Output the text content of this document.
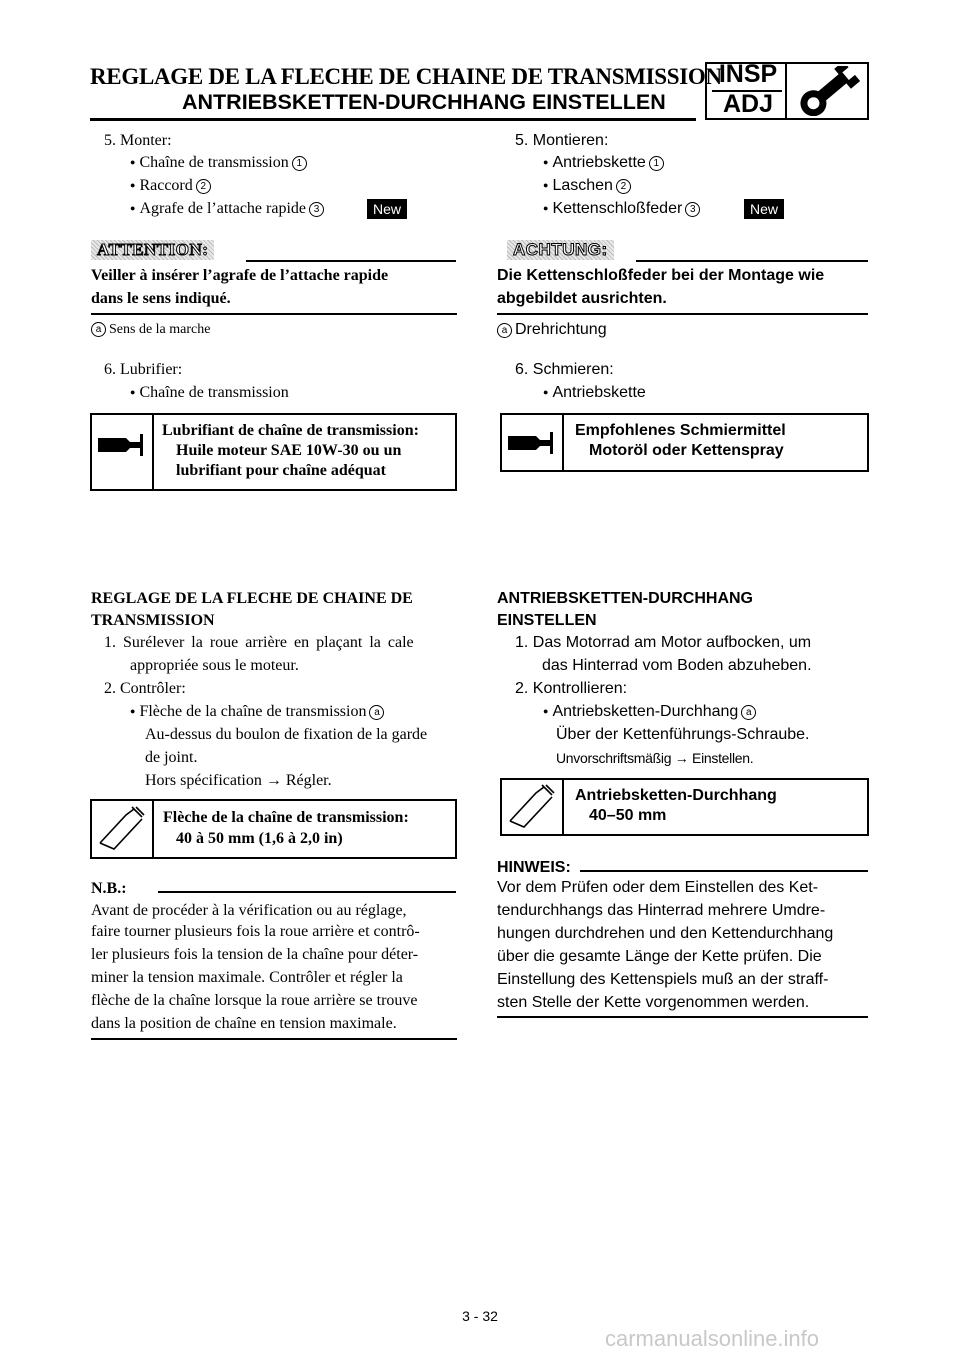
REGLAGE DE LA FLECHE DE CHAINE DE TRANSMISSION
ANTRIEBSKETTEN-DURCHHANG EINSTELLEN
INSP
ADJ
5. Monter:
● Chaîne de transmission 1
● Raccord 2
● Agrafe de l’attache rapide 3	New
ATTENTION:
Veiller à insérer l’agrafe de l’attache rapide
dans le sens indiqué.
a Sens de la marche
6. Lubrifier:
● Chaîne de transmission
Lubrifiant de chaîne de transmission:
Huile moteur SAE 10W-30 ou un
lubrifiant pour chaîne adéquat
REGLAGE DE LA FLECHE DE CHAINE DE
TRANSMISSION
1. Surélever la roue arrière en plaçant la cale
appropriée sous le moteur.
2. Contrôler:
● Flèche de la chaîne de transmission a
Au-dessus du boulon de fixation de la garde
de joint.
Hors spécification → Régler.
Flèche de la chaîne de transmission:
40 à 50 mm (1,6 à 2,0 in)
N.B.:
Avant de procéder à la vérification ou au réglage,
faire tourner plusieurs fois la roue arrière et contrô-
ler plusieurs fois la tension de la chaîne pour déter-
miner la tension maximale. Contrôler et régler la
flèche de la chaîne lorsque la roue arrière se trouve
dans la position de chaîne en tension maximale.
5. Montieren:
● Antriebskette 1
● Laschen 2
● Kettenschloßfeder 3	New
ACHTUNG:
Die Kettenschloßfeder bei der Montage wie
abgebildet ausrichten.
a Drehrichtung
6. Schmieren:
● Antriebskette
Empfohlenes Schmiermittel
Motoröl oder Kettenspray
ANTRIEBSKETTEN-DURCHHANG
EINSTELLEN
1. Das Motorrad am Motor aufbocken, um
das Hinterrad vom Boden abzuheben.
2. Kontrollieren:
● Antriebsketten-Durchhang a
Über der Kettenführungs-Schraube.
Unvorschriftsmäßig → Einstellen.
Antriebsketten-Durchhang
40–50 mm
HINWEIS:
Vor dem Prüfen oder dem Einstellen des Ket-
tendurchhangs das Hinterrad mehrere Umdre-
hungen durchdrehen und den Kettendurchhang
über die gesamte Länge der Kette prüfen. Die
Einstellung des Kettenspiels muß an der straff-
sten Stelle der Kette vorgenommen werden.
3 - 32
carmanualsonline.info
